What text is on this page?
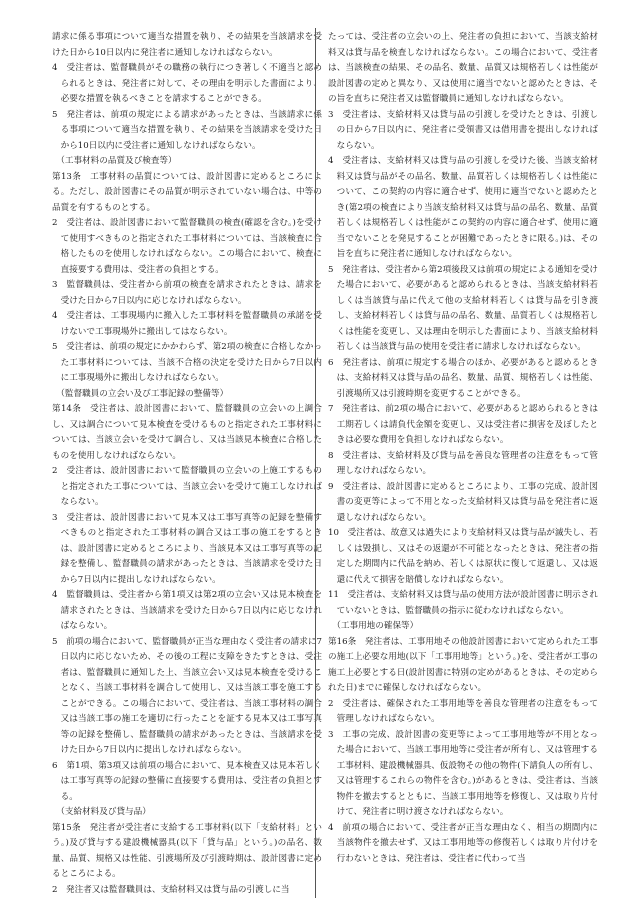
請求に係る事項について適当な措置を執り、その結果を当該請求を受けた日から10日以内に発注者に通知しなければならない。

4　受注者は、監督職員がその職務の執行につき著しく不適当と認められるときは、発注者に対して、その理由を明示した書面により、必要な措置を執るべきことを請求することができる。

5　発注者は、前項の規定による請求があったときは、当該請求に係る事項について適当な措置を執り、その結果を当該請求を受けた日から10日以内に受注者に通知しなければならない。

（工事材料の品質及び検査等）

第13条　工事材料の品質については、設計図書に定めるところによる。ただし、設計図書にその品質が明示されていない場合は、中等の品質を有するものとする。

2　受注者は、設計図書において監督職員の検査(確認を含む。)を受けて使用すべきものと指定された工事材料については、当該検査に合格したものを使用しなければならない。この場合において、検査に直接要する費用は、受注者の負担とする。

3　監督職員は、受注者から前項の検査を請求されたときは、請求を受けた日から7日以内に応じなければならない。

4　受注者は、工事現場内に搬入した工事材料を監督職員の承諾を受けないで工事現場外に搬出してはならない。

5　受注者は、前項の規定にかかわらず、第2項の検査に合格しなかった工事材料については、当該不合格の決定を受けた日から7日以内に工事現場外に搬出しなければならない。

（監督職員の立会い及び工事記録の整備等）

第14条　受注者は、設計図書において、監督職員の立会いの上調合し、又は調合について見本検査を受けるものと指定された工事材料については、当該立会いを受けて調合し、又は当該見本検査に合格したものを使用しなければならない。

2　受注者は、設計図書において監督職員の立会いの上施工するものと指定された工事については、当該立会いを受けて施工しなければならない。

3　受注者は、設計図書において見本又は工事写真等の記録を整備すべきものと指定された工事材料の調合又は工事の施工をするときは、設計図書に定めるところにより、当該見本又は工事写真等の記録を整備し、監督職員の請求があったときは、当該請求を受けた日から7日以内に提出しなければならない。

4　監督職員は、受注者から第1項又は第2項の立会い又は見本検査を請求されたときは、当該請求を受けた日から7日以内に応じなければならない。

5　前項の場合において、監督職員が正当な理由なく受注者の請求に7日以内に応じないため、その後の工程に支障をきたすときは、受注者は、監督職員に通知した上、当該立会い又は見本検査を受けることなく、当該工事材料を調合して使用し、又は当該工事を施工することができる。この場合において、受注者は、当該工事材料の調合又は当該工事の施工を適切に行ったことを証する見本又は工事写真等の記録を整備し、監督職員の請求があったときは、当該請求を受けた日から7日以内に提出しなければならない。

6　第1項、第3項又は前項の場合において、見本検査又は見本若しくは工事写真等の記録の整備に直接要する費用は、受注者の負担とする。

（支給材料及び貸与品）

第15条　発注者が受注者に支給する工事材料(以下「支給材料」という。)及び貸与する建設機械器具(以下「貸与品」という。)の品名、数量、品質、規格又は性能、引渡場所及び引渡時期は、設計図書に定めるところによる。

2　発注者又は監督職員は、支給材料又は貸与品の引渡しに当

たっては、受注者の立会いの上、発注者の負担において、当該支給材料又は貸与品を検査しなければならない。この場合において、受注者は、当該検査の結果、その品名、数量、品質又は規格若しくは性能が設計図書の定めと異なり、又は使用に適当でないと認めたときは、その旨を直ちに発注者又は監督職員に通知しなければならない。

3　受注者は、支給材料又は貸与品の引渡しを受けたときは、引渡しの日から7日以内に、発注者に受領書又は借用書を提出しなければならない。

4　受注者は、支給材料又は貸与品の引渡しを受けた後、当該支給材料又は貸与品がその品名、数量、品質若しくは規格若しくは性能について、この契約の内容に適合せず、使用に適当でないと認めたとき(第2項の検査により当該支給材料又は貸与品の品名、数量、品質若しくは規格若しくは性能がこの契約の内容に適合せず、使用に適当でないことを発見することが困難であったときに限る。)は、その旨を直ちに発注者に通知しなければならない。

5　発注者は、受注者から第2項後段又は前項の規定による通知を受けた場合において、必要があると認められるときは、当該支給材料若しくは当該貸与品に代えて他の支給材料若しくは貸与品を引き渡し、支給材料若しくは貸与品の品名、数量、品質若しくは規格若しくは性能を変更し、又は理由を明示した書面により、当該支給材料若しくは当該貸与品の使用を受注者に請求しなければならない。

6　発注者は、前項に規定する場合のほか、必要があると認めるときは、支給材料又は貸与品の品名、数量、品質、規格若しくは性能、引渡場所又は引渡時期を変更することができる。

7　発注者は、前2項の場合において、必要があると認められるときは工期若しくは請負代金額を変更し、又は受注者に損害を及ぼしたときは必要な費用を負担しなければならない。

8　受注者は、支給材料及び貸与品を善良な管理者の注意をもって管理しなければならない。

9　受注者は、設計図書に定めるところにより、工事の完成、設計図書の変更等によって不用となった支給材料又は貸与品を発注者に返還しなければならない。

10　受注者は、故意又は過失により支給材料又は貸与品が滅失し、若しくは毀損し、又はその返還が不可能となったときは、発注者の指定した期間内に代品を納め、若しくは原状に復して返還し、又は返還に代えて損害を賠償しなければならない。

11　受注者は、支給材料又は貸与品の使用方法が設計図書に明示されていないときは、監督職員の指示に従わなければならない。

（工事用地の確保等）

第16条　発注者は、工事用地その他設計図書において定められた工事の施工上必要な用地(以下「工事用地等」という。)を、受注者が工事の施工上必要とする日(設計図書に特別の定めがあるときは、その定められた日)までに確保しなければならない。

2　受注者は、確保された工事用地等を善良な管理者の注意をもって管理しなければならない。

3　工事の完成、設計図書の変更等によって工事用地等が不用となった場合において、当該工事用地等に受注者が所有し、又は管理する工事材料、建設機械器具、仮設物その他の物件(下請負人の所有し、又は管理するこれらの物件を含む。)があるときは、受注者は、当該物件を撤去するとともに、当該工事用地等を修復し、又は取り片付けて、発注者に明け渡さなければならない。

4　前項の場合において、受注者が正当な理由なく、相当の期間内に当該物件を撤去せず、又は工事用地等の修復若しくは取り片付けを行わないときは、発注者は、受注者に代わって当
